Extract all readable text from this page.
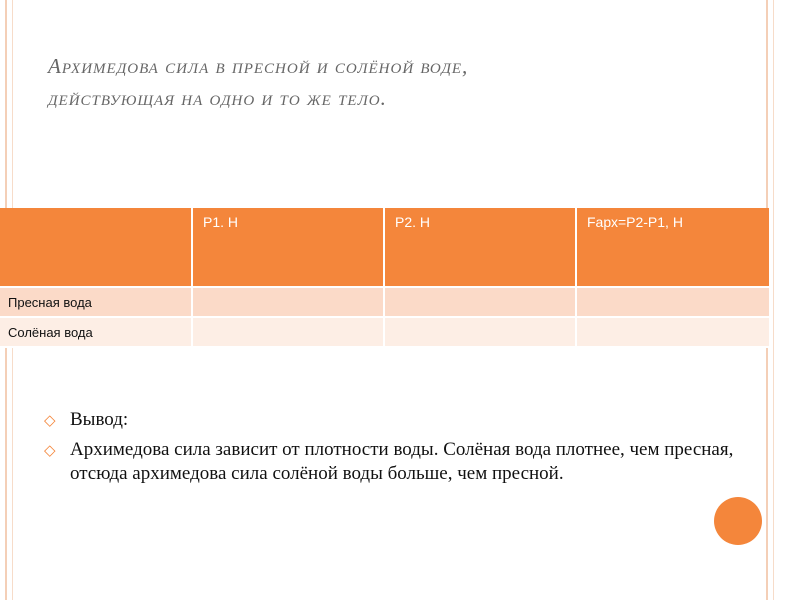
Архимедова сила в пресной и солёной воде,
действующая на одно и то же тело.
	P1. Н	P2. Н	Fарх=P2-P1, Н
Пресная вода			
Солёная вода			
◇ Вывод:
◇ Архимедова сила зависит от плотности воды. Солёная вода плотнее, чем пресная, отсюда архимедова сила солёной воды больше, чем пресной.
